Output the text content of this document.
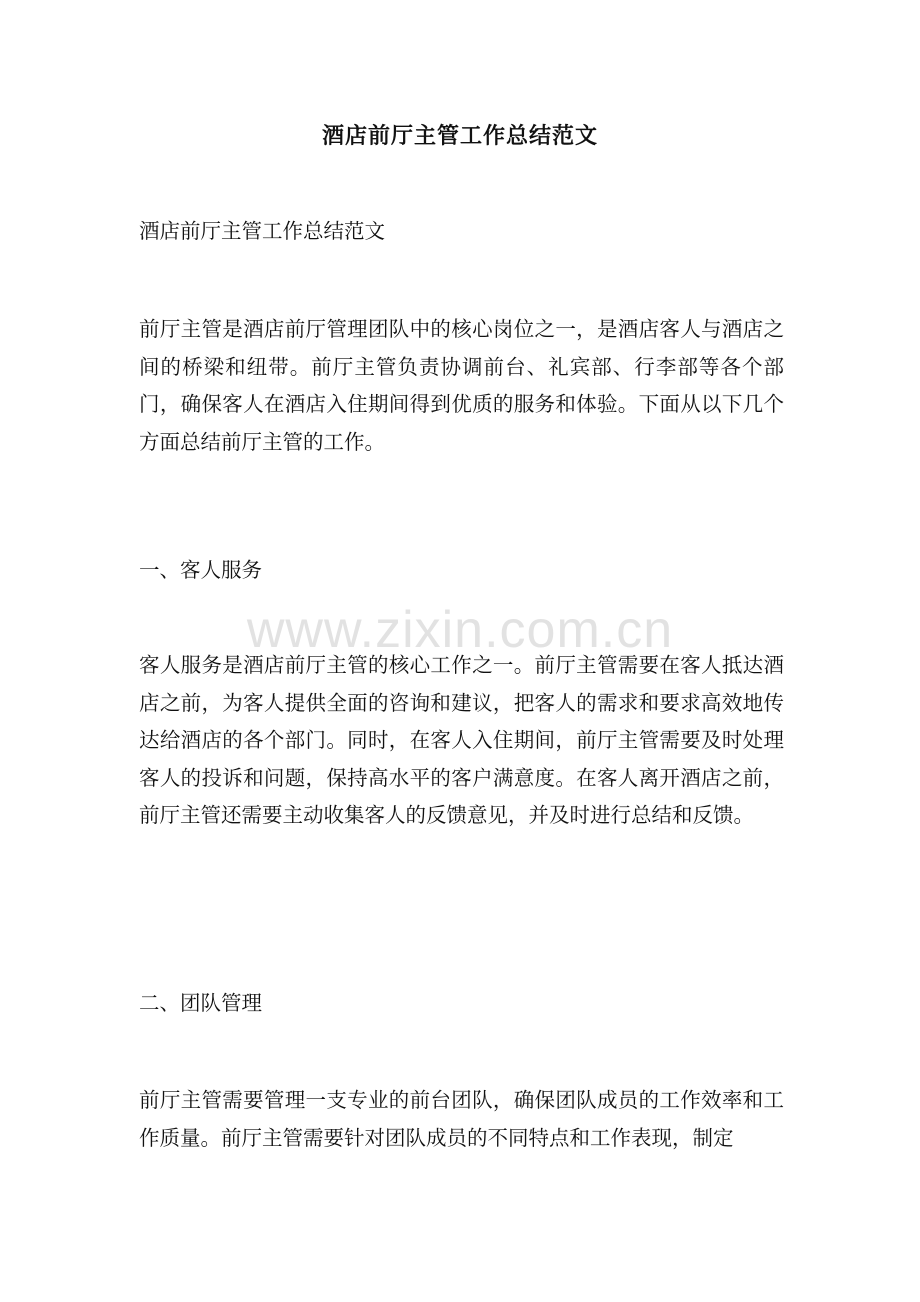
酒店前厅主管工作总结范文

酒店前厅主管工作总结范文

前厅主管是酒店前厅管理团队中的核心岗位之一，是酒店客人与酒店之间的桥梁和纽带。前厅主管负责协调前台、礼宾部、行李部等各个部门，确保客人在酒店入住期间得到优质的服务和体验。下面从以下几个方面总结前厅主管的工作。

一、客人服务

客人服务是酒店前厅主管的核心工作之一。前厅主管需要在客人抵达酒店之前，为客人提供全面的咨询和建议，把客人的需求和要求高效地传达给酒店的各个部门。同时，在客人入住期间，前厅主管需要及时处理客人的投诉和问题，保持高水平的客户满意度。在客人离开酒店之前，前厅主管还需要主动收集客人的反馈意见，并及时进行总结和反馈。

二、团队管理

前厅主管需要管理一支专业的前台团队，确保团队成员的工作效率和工作质量。前厅主管需要针对团队成员的不同特点和工作表现，制定

www.zixin.com.cn
